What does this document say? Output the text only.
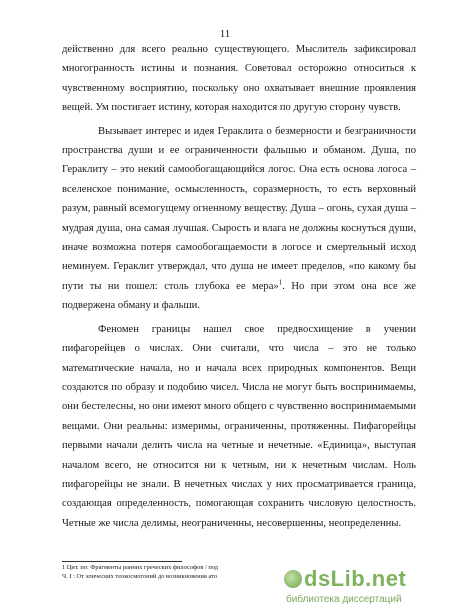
11

действенно для всего реально существующего. Мыслитель зафиксировал многогранность истины и познания. Советовал осторожно относиться к чувственному восприятию, поскольку оно охватывает внешние проявления вещей. Ум постигает истину, которая находится по другую сторону чувств.

Вызывает интерес и идея Гераклита о безмерности и безграничности пространства души и ее ограниченности фальшью и обманом. Душа, по Гераклиту – это некий самообогащающийся логос. Она есть основа логоса – вселенское понимание, осмысленность, соразмерность, то есть верховный разум, равный всемогущему огненному веществу. Душа – огонь, сухая душа – мудрая душа, она самая лучшая. Сырость и влага не должны коснуться души, иначе возможна потеря самообогащаемости в логосе и смертельный исход неминуем. Гераклит утверждал, что душа не имеет пределов, «по какому бы пути ты ни пошел: столь глубока ее мера»$^1$. Но при этом она все же подвержена обману и фальши.

Феномен границы нашел свое предвосхищение в учении пифагорейцев о числах. Они считали, что числа – это не только математические начала, но и начала всех природных компонентов. Вещи создаются по образу и подобию чисел. Числа не могут быть воспринимаемы, они бестелесны, но они имеют много общего с чувственно воспринимаемыми вещами. Они реальны: измеримы, ограниченны, протяженны. Пифагорейцы первыми начали делить числа на четные и нечетные. «Единица», выступая началом всего, не относится ни к четным, ни к нечетным числам. Ноль пифагорейцы не знали. В нечетных числах у них просматривается граница, создающая определенность, помогающая сохранить числовую целостность. Четные же числа делимы, неограниченны, несовершенны, неопределенны.

1 Цит. по: Фрагменты ранних греческих философов / под

Ч. I : От эпических теокосмогоний до возникновения ато	dsLib.net
библиотека диссертаций
